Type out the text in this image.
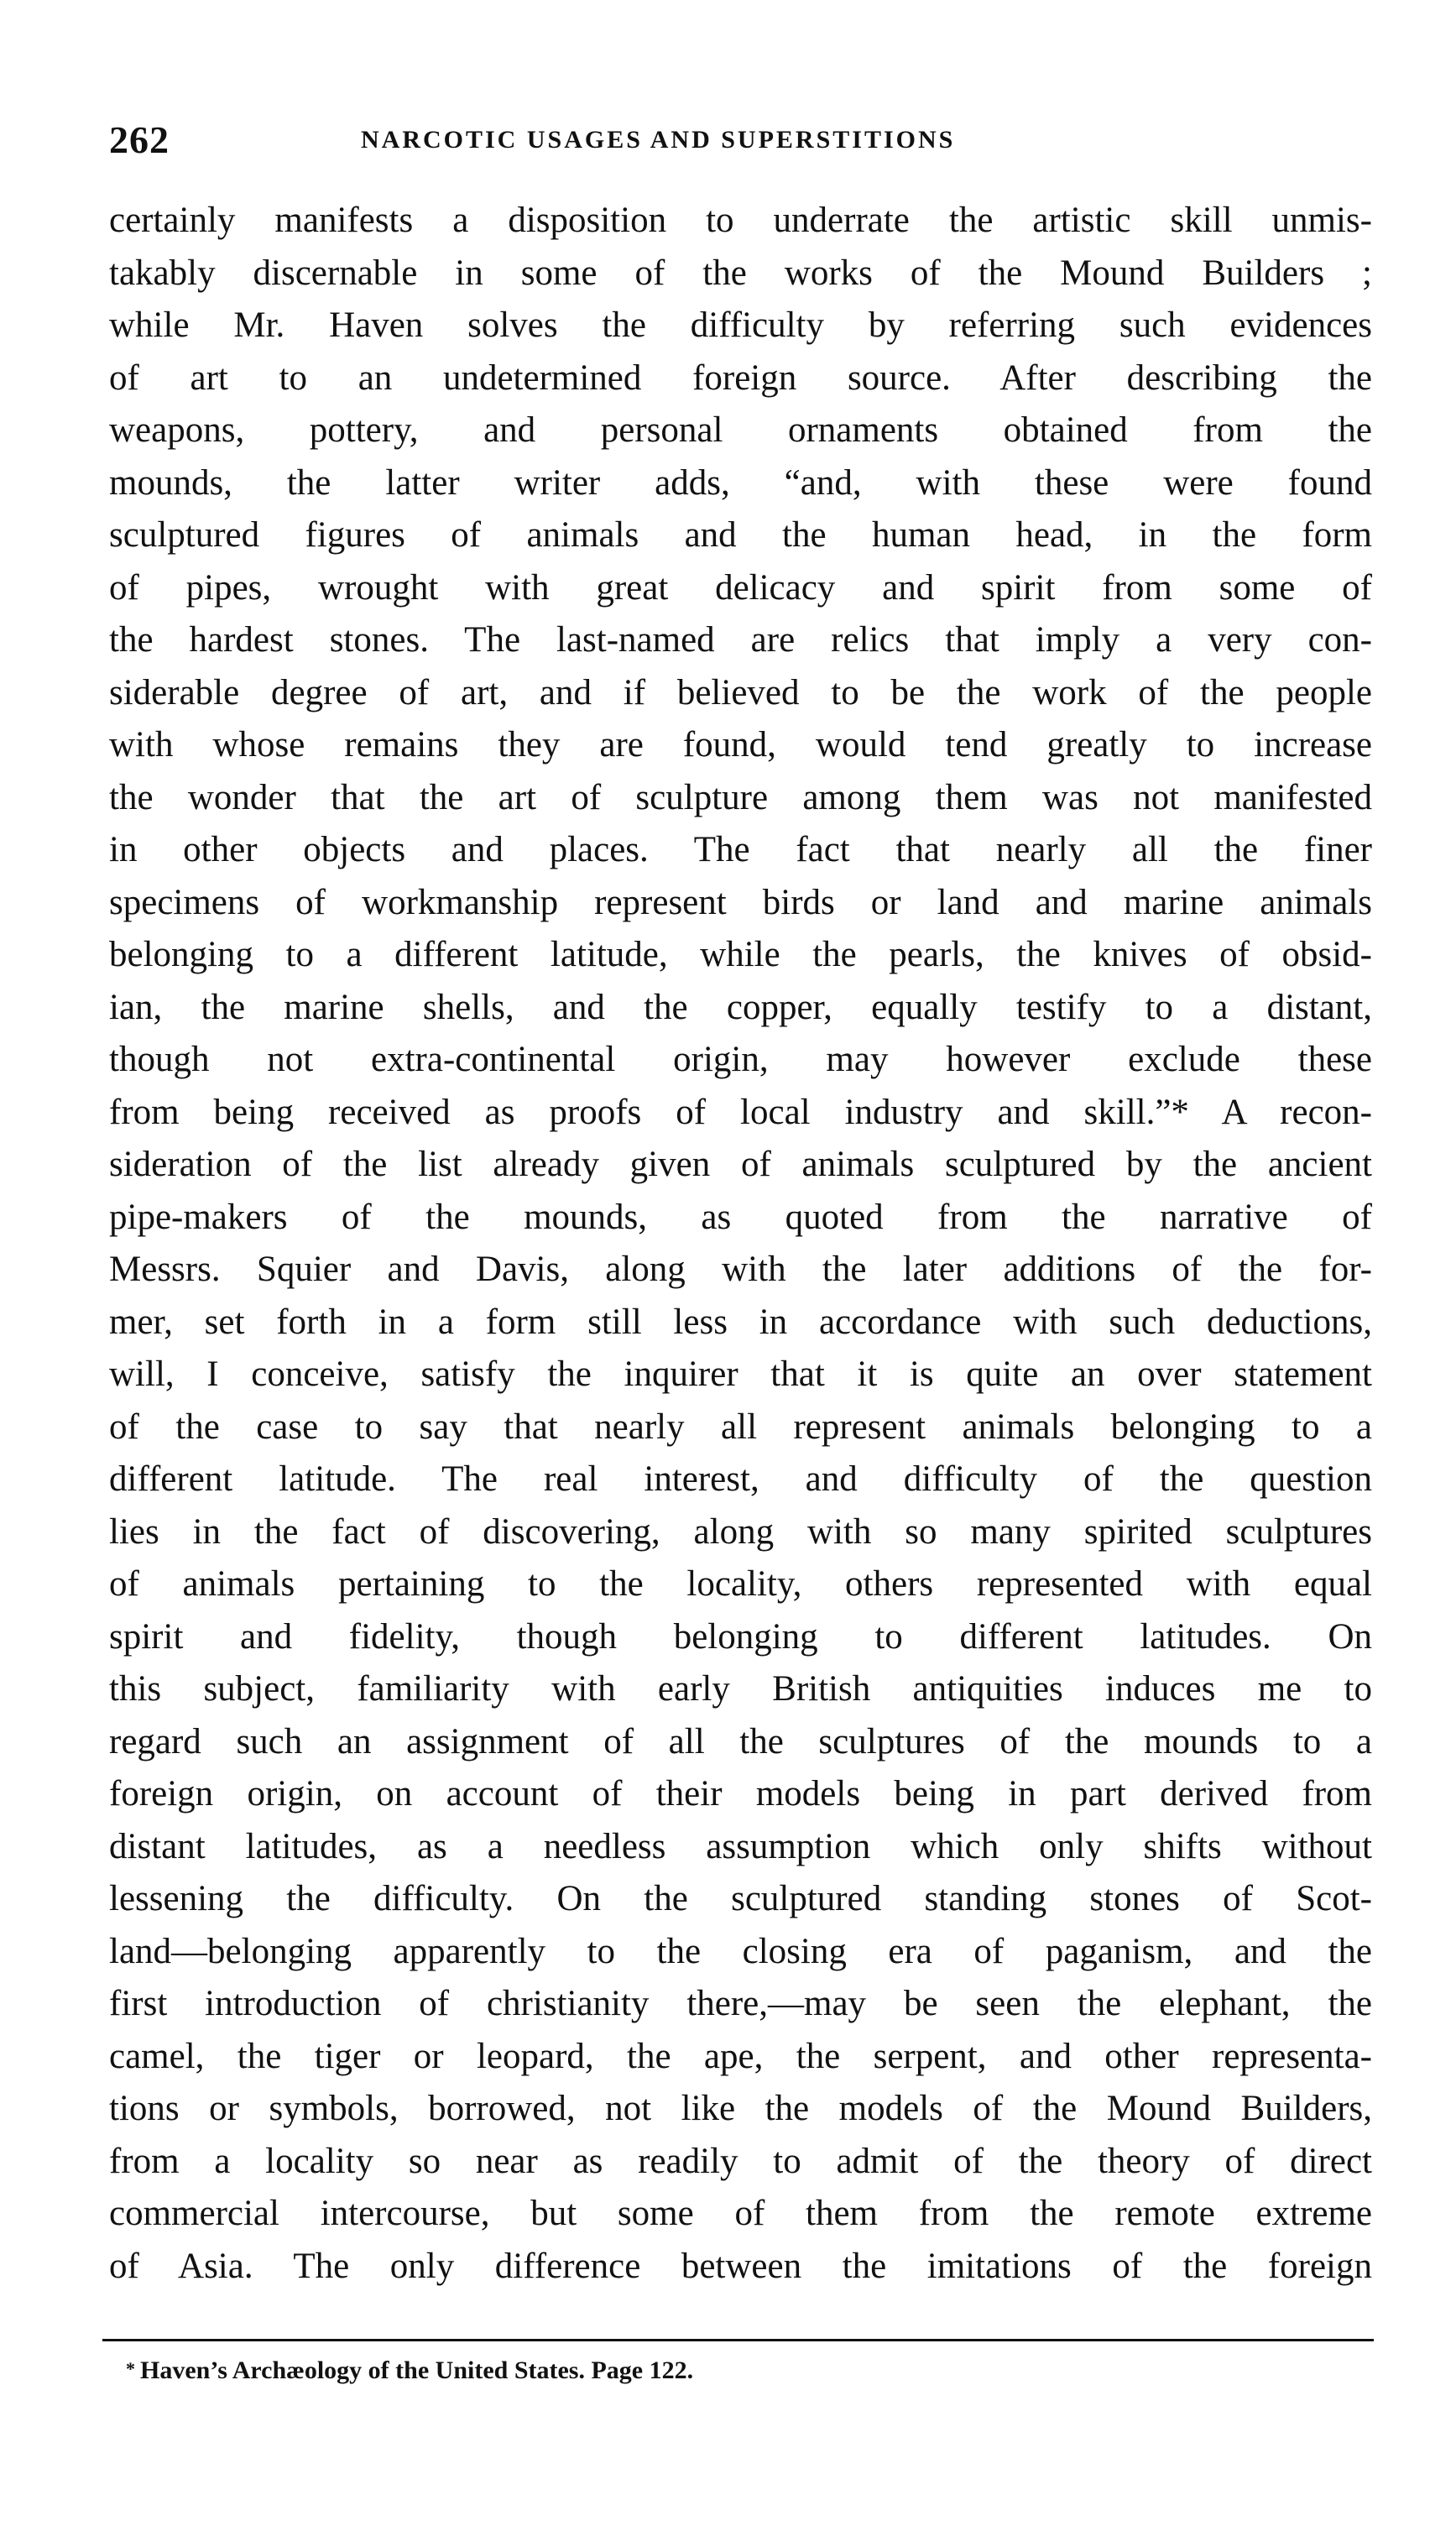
262	NARCOTIC USAGES AND SUPERSTITIONS
certainly manifests a disposition to underrate the artistic skill unmis-
takably discernable in some of the works of the Mound Builders ;
while Mr. Haven solves the difficulty by referring such evidences
of art to an undetermined foreign source. After describing the
weapons, pottery, and personal ornaments obtained from the
mounds, the latter writer adds, “and, with these were found
sculptured figures of animals and the human head, in the form
of pipes, wrought with great delicacy and spirit from some of
the hardest stones. The last-named are relics that imply a very con-
siderable degree of art, and if believed to be the work of the people
with whose remains they are found, would tend greatly to increase
the wonder that the art of sculpture among them was not manifested
in other objects and places. The fact that nearly all the finer
specimens of workmanship represent birds or land and marine animals
belonging to a different latitude, while the pearls, the knives of obsid-
ian, the marine shells, and the copper, equally testify to a distant,
though not extra-continental origin, may however exclude these
from being received as proofs of local industry and skill.”* A recon-
sideration of the list already given of animals sculptured by the ancient
pipe-makers of the mounds, as quoted from the narrative of
Messrs. Squier and Davis, along with the later additions of the for-
mer, set forth in a form still less in accordance with such deductions,
will, I conceive, satisfy the inquirer that it is quite an over statement
of the case to say that nearly all represent animals belonging to a
different latitude. The real interest, and difficulty of the question
lies in the fact of discovering, along with so many spirited sculptures
of animals pertaining to the locality, others represented with equal
spirit and fidelity, though belonging to different latitudes. On
this subject, familiarity with early British antiquities induces me to
regard such an assignment of all the sculptures of the mounds to a
foreign origin, on account of their models being in part derived from
distant latitudes, as a needless assumption which only shifts without
lessening the difficulty. On the sculptured standing stones of Scot-
land—belonging apparently to the closing era of paganism, and the
first introduction of christianity there,—may be seen the elephant, the
camel, the tiger or leopard, the ape, the serpent, and other representa-
tions or symbols, borrowed, not like the models of the Mound Builders,
from a locality so near as readily to admit of the theory of direct
commercial intercourse, but some of them from the remote extreme
of Asia. The only difference between the imitations of the foreign
* Haven’s Archæology of the United States. Page 122.
